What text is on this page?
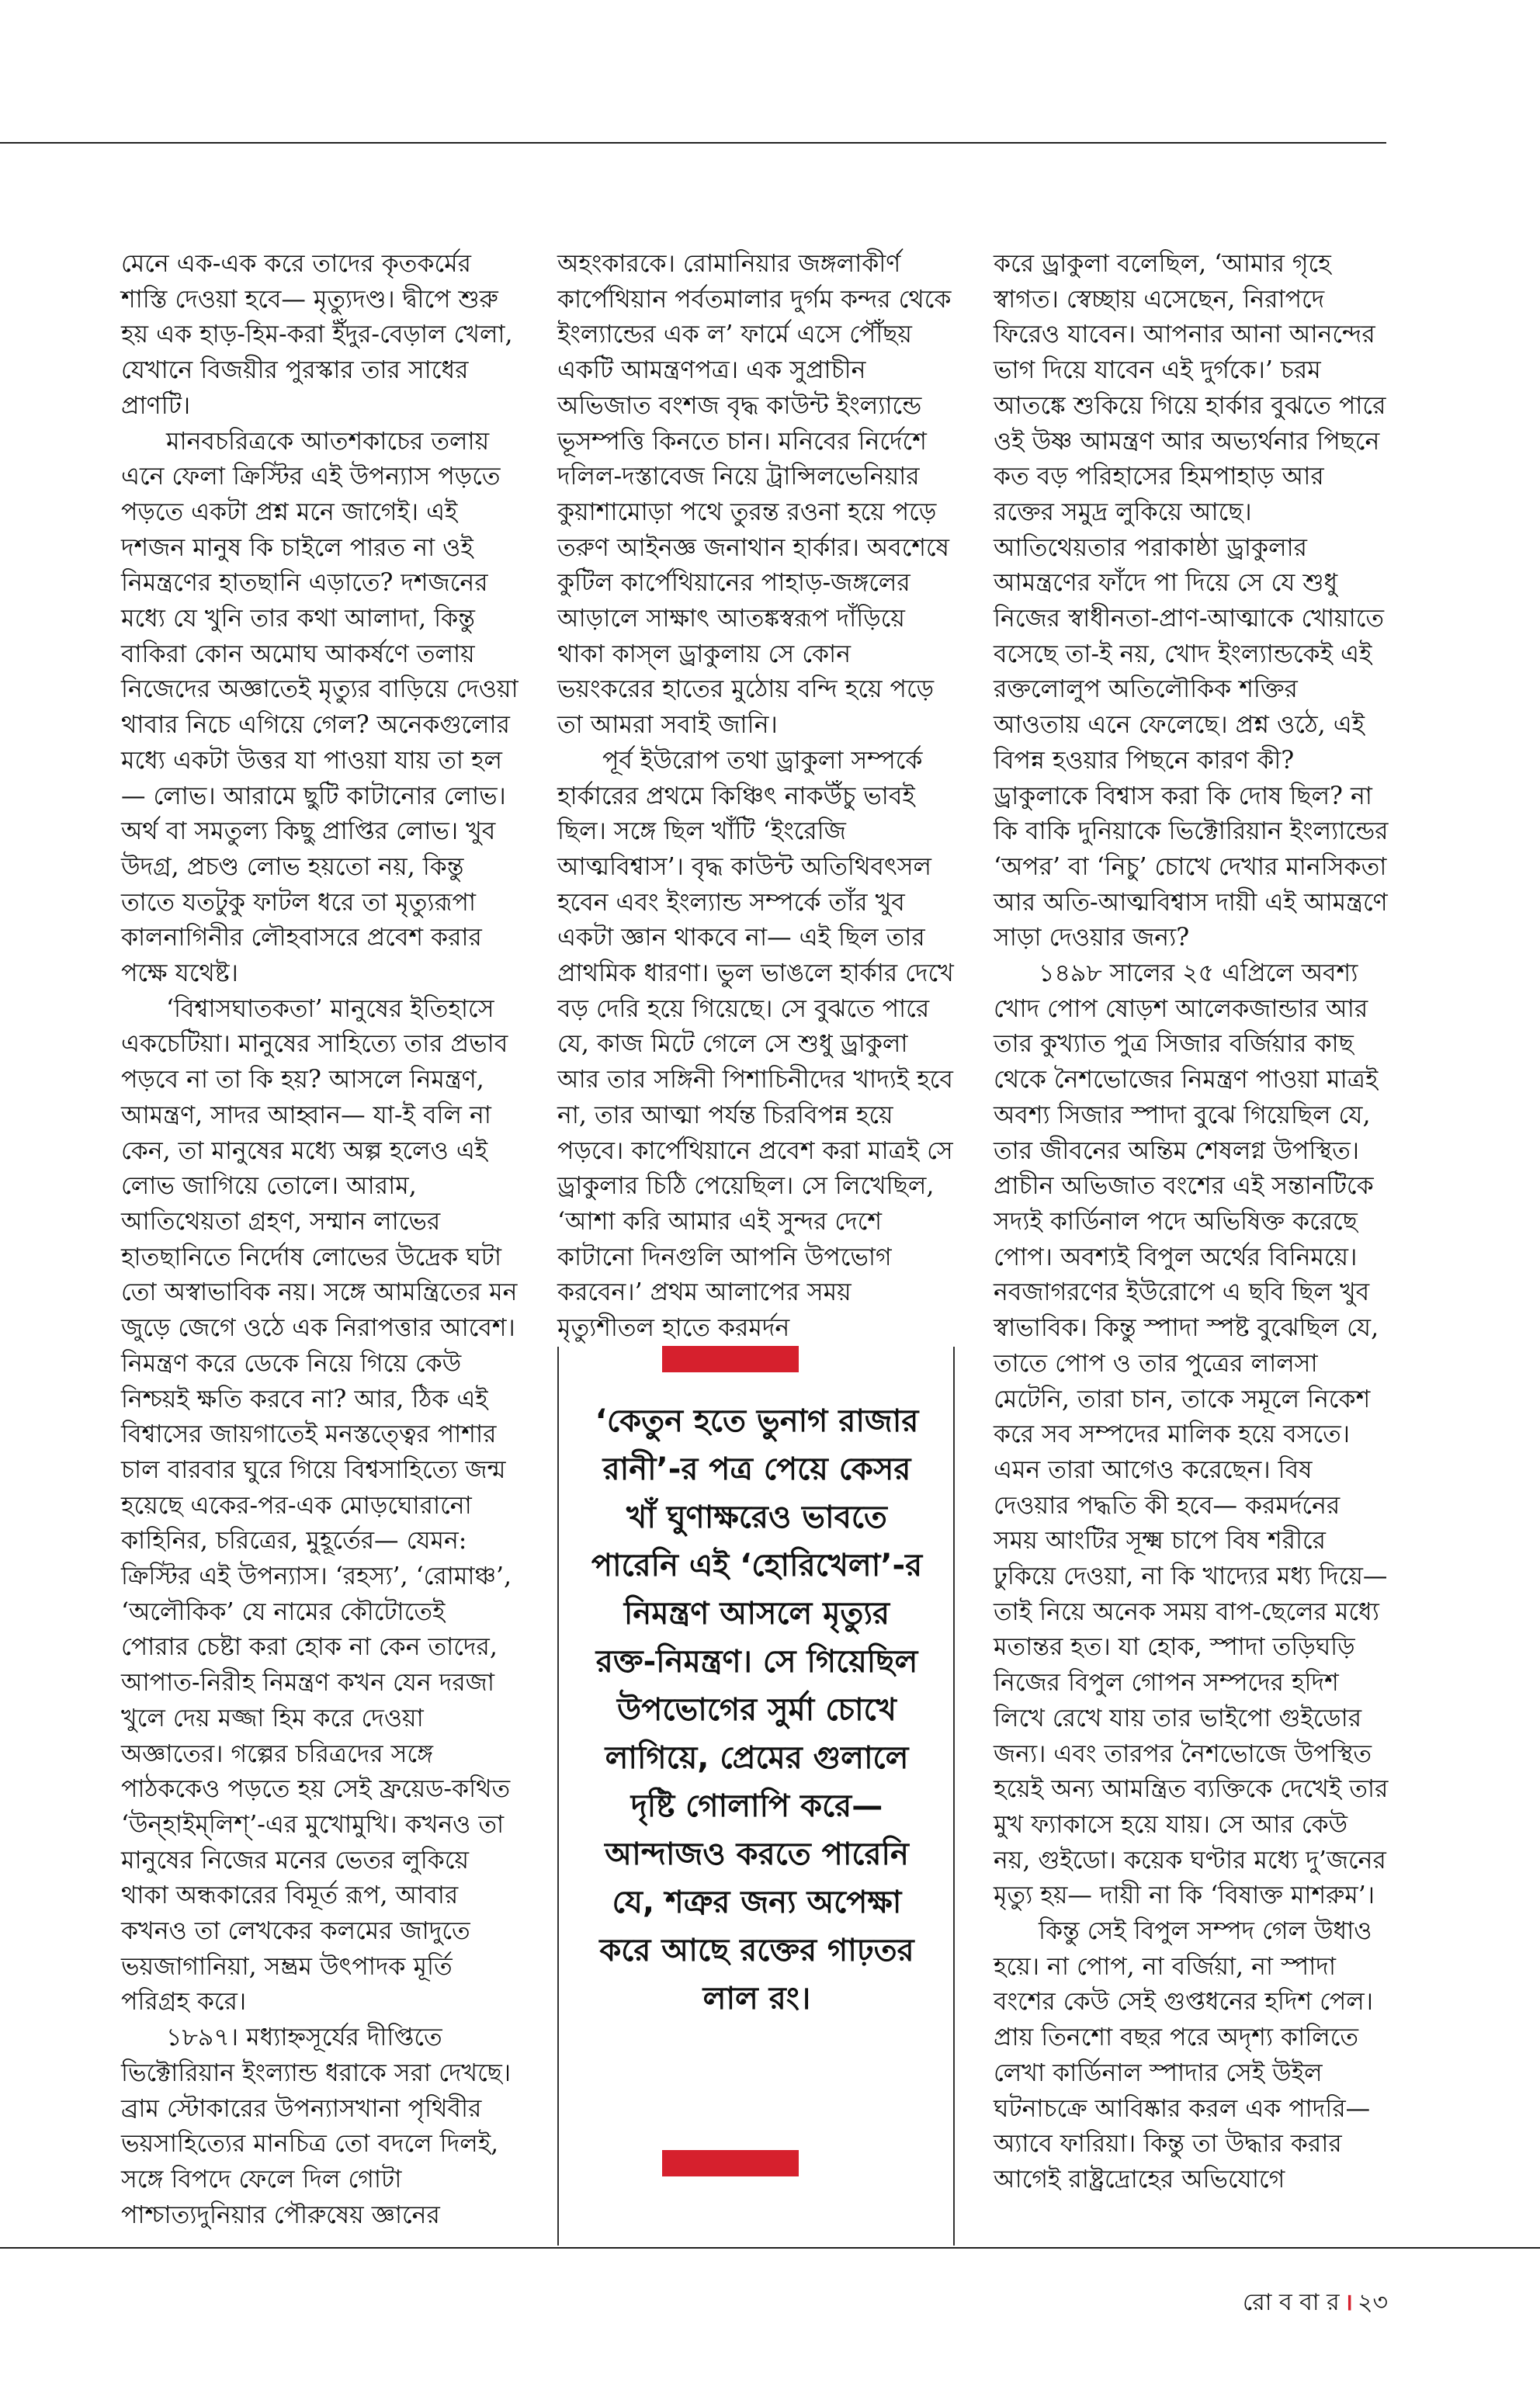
মেনে এক-এক করে তাদের কৃতকর্মের শাস্তি দেওয়া হবে— মৃত্যুদণ্ড। দ্বীপে শুরু হয় এক হাড়-হিম-করা ইঁদুর-বেড়াল খেলা, যেখানে বিজয়ীর পুরস্কার তার সাধের প্রাণটি।

মানবচরিত্রকে আতশকাচের তলায় এনে ফেলা ক্রিস্টির এই উপন্যাস পড়তে পড়তে একটা প্রশ্ন মনে জাগেই। এই দশজন মানুষ কি চাইলে পারত না ওই নিমন্ত্রণের হাতছানি এড়াতে? দশজনের মধ্যে যে খুনি তার কথা আলাদা, কিন্তু বাকিরা কোন অমোঘ আকর্ষণে তলায় নিজেদের অজ্ঞাতেই মৃত্যুর বাড়িয়ে দেওয়া থাবার নিচে এগিয়ে গেল? অনেকগুলোর মধ্যে একটা উত্তর যা পাওয়া যায় তা হল— লোভ। আরামে ছুটি কাটানোর লোভ। অর্থ বা সমতুল্য কিছু প্রাপ্তির লোভ। খুব উদগ্র, প্রচণ্ড লোভ হয়তো নয়, কিন্তু তাতে যতটুকু ফাটল ধরে তা মৃত্যুরূপা কালনাগিনীর লৌহবাসরে প্রবেশ করার পক্ষে যথেষ্ট।

‘বিশ্বাসঘাতকতা’ মানুষের ইতিহাসে একচেটিয়া। মানুষের সাহিত্যে তার প্রভাব পড়বে না তা কি হয়? আসলে নিমন্ত্রণ, আমন্ত্রণ, সাদর আহ্বান— যা-ই বলি না কেন, তা মানুষের মধ্যে অল্প হলেও এই লোভ জাগিয়ে তোলে। আরাম, আতিথেয়তা গ্রহণ, সম্মান লাভের হাতছানিতে নির্দোষ লোভের উদ্রেক ঘটা তো অস্বাভাবিক নয়। সঙ্গে আমন্ত্রিতের মন জুড়ে জেগে ওঠে এক নিরাপত্তার আবেশ। নিমন্ত্রণ করে ডেকে নিয়ে গিয়ে কেউ নিশ্চয়ই ক্ষতি করবে না? আর, ঠিক এই বিশ্বাসের জায়গাতেই মনস্তত্ত্বের পাশার চাল বারবার ঘুরে গিয়ে বিশ্বসাহিত্যে জন্ম হয়েছে একের-পর-এক মোড়ঘোরানো কাহিনির, চরিত্রের, মুহূর্তের— যেমন: ক্রিস্টির এই উপন্যাস। ‘রহস্য’, ‘রোমাঞ্চ’, ‘অলৌকিক’ যে নামের কৌটোতেই পোরার চেষ্টা করা হোক না কেন তাদের, আপাত-নিরীহ নিমন্ত্রণ কখন যেন দরজা খুলে দেয় মজ্জা হিম করে দেওয়া অজ্ঞাতের। গল্পের চরিত্রদের সঙ্গে পাঠককেও পড়তে হয় সেই ফ্রয়েড-কথিত ‘উন্‌হাইম্‌লিশ্’-এর মুখোমুখি। কখনও তা মানুষের নিজের মনের ভেতর লুকিয়ে থাকা অন্ধকারের বিমূর্ত রূপ, আবার কখনও তা লেখকের কলমের জাদুতে ভয়জাগানিয়া, সম্ভ্রম উৎপাদক মূর্তি পরিগ্রহ করে।

১৮৯৭। মধ্যাহ্নসূর্যের দীপ্তিতে ভিক্টোরিয়ান ইংল্যান্ড ধরাকে সরা দেখছে। ব্রাম স্টোকারের উপন্যাসখানা পৃথিবীর ভয়সাহিত্যের মানচিত্র তো বদলে দিলই, সঙ্গে বিপদে ফেলে দিল গোটা পাশ্চাত্যদুনিয়ার পৌরুষেয় জ্ঞানের

অহংকারকে। রোমানিয়ার জঙ্গলাকীর্ণ কার্পেথিয়ান পর্বতমালার দুর্গম কন্দর থেকে ইংল্যান্ডের এক ল’ ফার্মে এসে পৌঁছয় একটি আমন্ত্রণপত্র। এক সুপ্রাচীন অভিজাত বংশজ বৃদ্ধ কাউন্ট ইংল্যান্ডে ভূসম্পত্তি কিনতে চান। মনিবের নির্দেশে দলিল-দস্তাবেজ নিয়ে ট্রান্সিলভেনিয়ার কুয়াশামোড়া পথে তুরন্ত রওনা হয়ে পড়ে তরুণ আইনজ্ঞ জনাথান হার্কার। অবশেষে কুটিল কার্পেথিয়ানের পাহাড়-জঙ্গলের আড়ালে সাক্ষাৎ আতঙ্কস্বরূপ দাঁড়িয়ে থাকা কাস্‌ল ড্রাকুলায় সে কোন ভয়ংকরের হাতের মুঠোয় বন্দি হয়ে পড়ে তা আমরা সবাই জানি।

পূর্ব ইউরোপ তথা ড্রাকুলা সম্পর্কে হার্কারের প্রথমে কিঞ্চিৎ নাকউঁচু ভাবই ছিল। সঙ্গে ছিল খাঁটি ‘ইংরেজি আত্মবিশ্বাস’। বৃদ্ধ কাউন্ট অতিথিবৎসল হবেন এবং ইংল্যান্ড সম্পর্কে তাঁর খুব একটা জ্ঞান থাকবে না— এই ছিল তার প্রাথমিক ধারণা। ভুল ভাঙলে হার্কার দেখে বড় দেরি হয়ে গিয়েছে। সে বুঝতে পারে যে, কাজ মিটে গেলে সে শুধু ড্রাকুলা আর তার সঙ্গিনী পিশাচিনীদের খাদ্যই হবে না, তার আত্মা পর্যন্ত চিরবিপন্ন হয়ে পড়বে। কার্পেথিয়ানে প্রবেশ করা মাত্রই সে ড্রাকুলার চিঠি পেয়েছিল। সে লিখেছিল, ‘আশা করি আমার এই সুন্দর দেশে কাটানো দিনগুলি আপনি উপভোগ করবেন।’ প্রথম আলাপের সময় মৃত্যুশীতল হাতে করমর্দন

‘কেতুন হতে ভুনাগ রাজার রানী’-র পত্র পেয়ে কেসর খাঁ ঘুণাক্ষরেও ভাবতে পারেনি এই ‘হোরিখেলা’-র নিমন্ত্রণ আসলে মৃত্যুর রক্ত-নিমন্ত্রণ। সে গিয়েছিল উপভোগের সুর্মা চোখে লাগিয়ে, প্রেমের গুলালে দৃষ্টি গোলাপি করে— আন্দাজও করতে পারেনি যে, শত্রুর জন্য অপেক্ষা করে আছে রক্তের গাঢ়তর লাল রং।

করে ড্রাকুলা বলেছিল, ‘আমার গৃহে স্বাগত। স্বেচ্ছায় এসেছেন, নিরাপদে ফিরেও যাবেন। আপনার আনা আনন্দের ভাগ দিয়ে যাবেন এই দুর্গকে।’ চরম আতঙ্কে শুকিয়ে গিয়ে হার্কার বুঝতে পারে ওই উষ্ণ আমন্ত্রণ আর অভ্যর্থনার পিছনে কত বড় পরিহাসের হিমপাহাড় আর রক্তের সমুদ্র লুকিয়ে আছে। আতিথেয়তার পরাকাষ্ঠা ড্রাকুলার আমন্ত্রণের ফাঁদে পা দিয়ে সে যে শুধু নিজের স্বাধীনতা-প্রাণ-আত্মাকে খোয়াতে বসেছে তা-ই নয়, খোদ ইংল্যান্ডকেই এই রক্তলোলুপ অতিলৌকিক শক্তির আওতায় এনে ফেলেছে। প্রশ্ন ওঠে, এই বিপন্ন হওয়ার পিছনে কারণ কী? ড্রাকুলাকে বিশ্বাস করা কি দোষ ছিল? না কি বাকি দুনিয়াকে ভিক্টোরিয়ান ইংল্যান্ডের ‘অপর’ বা ‘নিচু’ চোখে দেখার মানসিকতা আর অতি-আত্মবিশ্বাস দায়ী এই আমন্ত্রণে সাড়া দেওয়ার জন্য?

১৪৯৮ সালের ২৫ এপ্রিলে অবশ্য খোদ পোপ ষোড়শ আলেকজান্ডার আর তার কুখ্যাত পুত্র সিজার বর্জিয়ার কাছ থেকে নৈশভোজের নিমন্ত্রণ পাওয়া মাত্রই অবশ্য সিজার স্পাদা বুঝে গিয়েছিল যে, তার জীবনের অন্তিম শেষলগ্ন উপস্থিত। প্রাচীন অভিজাত বংশের এই সন্তানটিকে সদ্যই কার্ডিনাল পদে অভিষিক্ত করেছে পোপ। অবশ্যই বিপুল অর্থের বিনিময়ে। নবজাগরণের ইউরোপে এ ছবি ছিল খুব স্বাভাবিক। কিন্তু স্পাদা স্পষ্ট বুঝেছিল যে, তাতে পোপ ও তার পুত্রের লালসা মেটেনি, তারা চান, তাকে সমূলে নিকেশ করে সব সম্পদের মালিক হয়ে বসতে। এমন তারা আগেও করেছেন। বিষ দেওয়ার পদ্ধতি কী হবে— করমর্দনের সময় আংটির সূক্ষ্ম চাপে বিষ শরীরে ঢুকিয়ে দেওয়া, না কি খাদ্যের মধ্য দিয়ে— তাই নিয়ে অনেক সময় বাপ-ছেলের মধ্যে মতান্তর হত। যা হোক, স্পাদা তড়িঘড়ি নিজের বিপুল গোপন সম্পদের হদিশ লিখে রেখে যায় তার ভাইপো গুইডোর জন্য। এবং তারপর নৈশভোজে উপস্থিত হয়েই অন্য আমন্ত্রিত ব্যক্তিকে দেখেই তার মুখ ফ্যাকাসে হয়ে যায়। সে আর কেউ নয়, গুইডো। কয়েক ঘণ্টার মধ্যে দু’জনের মৃত্যু হয়— দায়ী না কি ‘বিষাক্ত মাশরুম’।

কিন্তু সেই বিপুল সম্পদ গেল উধাও হয়ে। না পোপ, না বর্জিয়া, না স্পাদা বংশের কেউ সেই গুপ্তধনের হদিশ পেল। প্রায় তিনশো বছর পরে অদৃশ্য কালিতে লেখা কার্ডিনাল স্পাদার সেই উইল ঘটনাচক্রে আবিষ্কার করল এক পাদরি— অ্যাবে ফারিয়া। কিন্তু তা উদ্ধার করার আগেই রাষ্ট্রদ্রোহের অভিযোগে

রো ব বা র । ২৩
